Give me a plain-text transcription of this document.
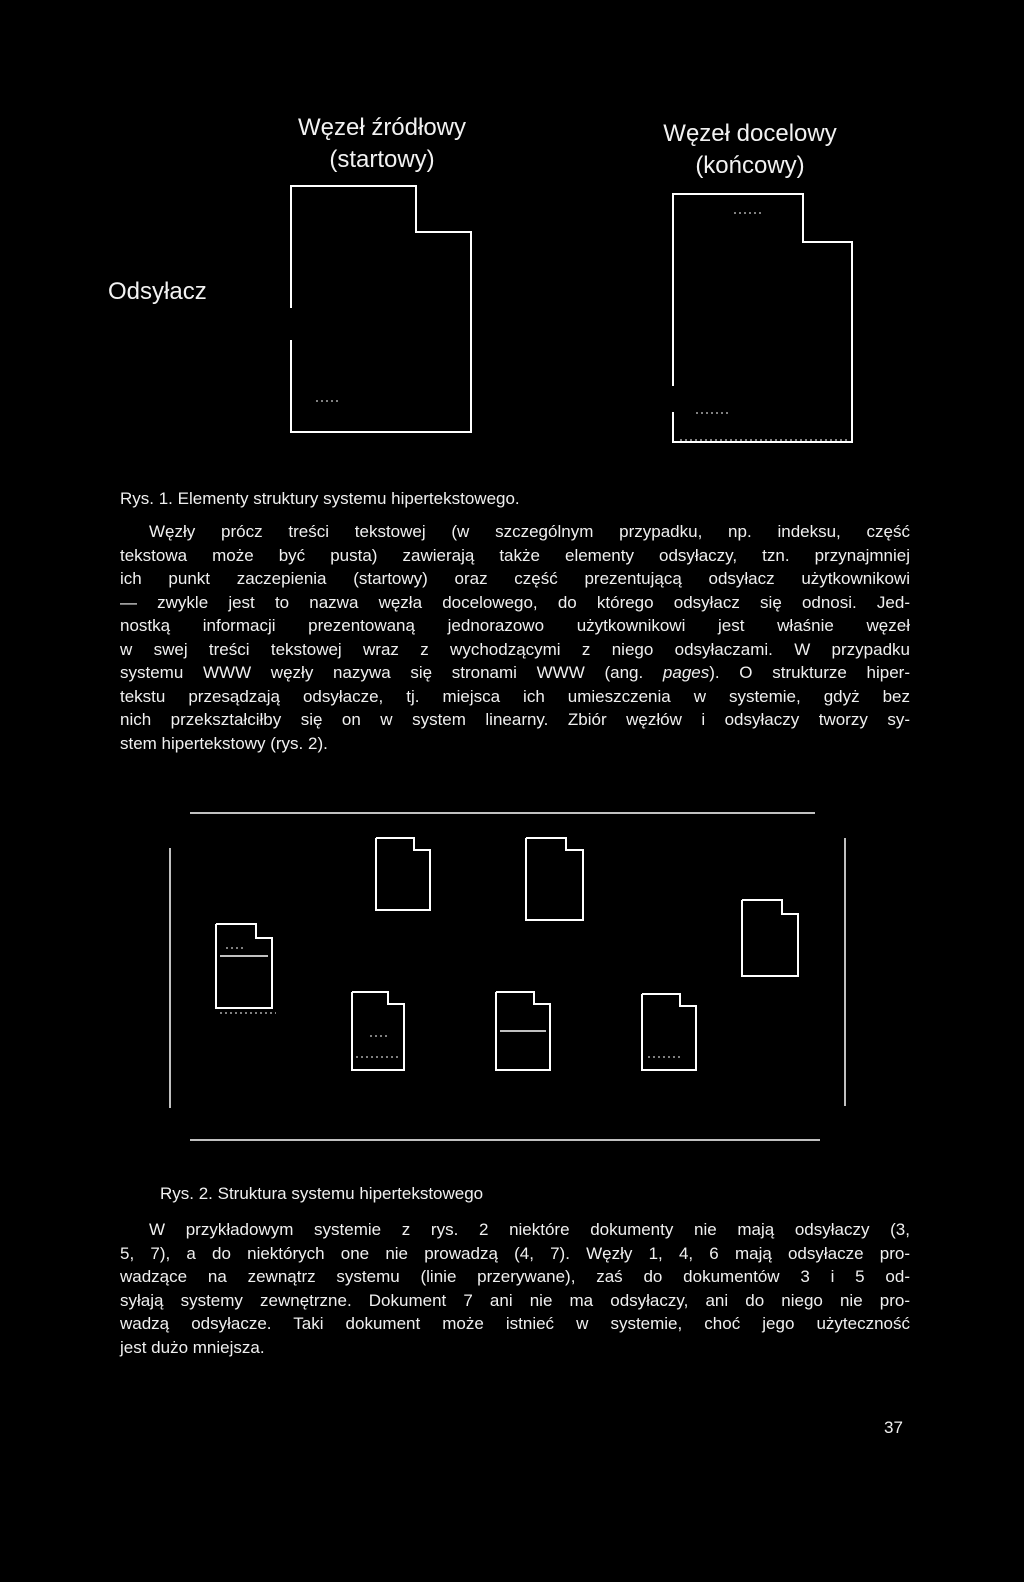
Węzeł źródłowy
(startowy)
Węzeł docelowy
(końcowy)
Odsyłacz
Rys. 1. Elementy struktury systemu hipertekstowego.
Węzły prócz treści tekstowej (w szczególnym przypadku, np. indeksu, część
tekstowa może być pusta) zawierają także elementy odsyłaczy, tzn. przynajmniej
ich punkt zaczepienia (startowy) oraz część prezentującą odsyłacz użytkownikowi
— zwykle jest to nazwa węzła docelowego, do którego odsyłacz się odnosi. Jed-
nostką informacji prezentowaną jednorazowo użytkownikowi jest właśnie węzeł
w swej treści tekstowej wraz z wychodzącymi z niego odsyłaczami. W przypadku
systemu WWW węzły nazywa się stronami WWW (ang. pages). O strukturze hiper-
tekstu przesądzają odsyłacze, tj. miejsca ich umieszczenia w systemie, gdyż bez
nich przekształciłby się on w system linearny. Zbiór węzłów i odsyłaczy tworzy sy-
stem hipertekstowy (rys. 2).
Rys. 2. Struktura systemu hipertekstowego
W przykładowym systemie z rys. 2 niektóre dokumenty nie mają odsyłaczy (3,
5, 7), a do niektórych one nie prowadzą (4, 7). Węzły 1, 4, 6 mają odsyłacze pro-
wadzące na zewnątrz systemu (linie przerywane), zaś do dokumentów 3 i 5 od-
syłają systemy zewnętrzne. Dokument 7 ani nie ma odsyłaczy, ani do niego nie pro-
wadzą odsyłacze. Taki dokument może istnieć w systemie, choć jego użyteczność
jest dużo mniejsza.
37
